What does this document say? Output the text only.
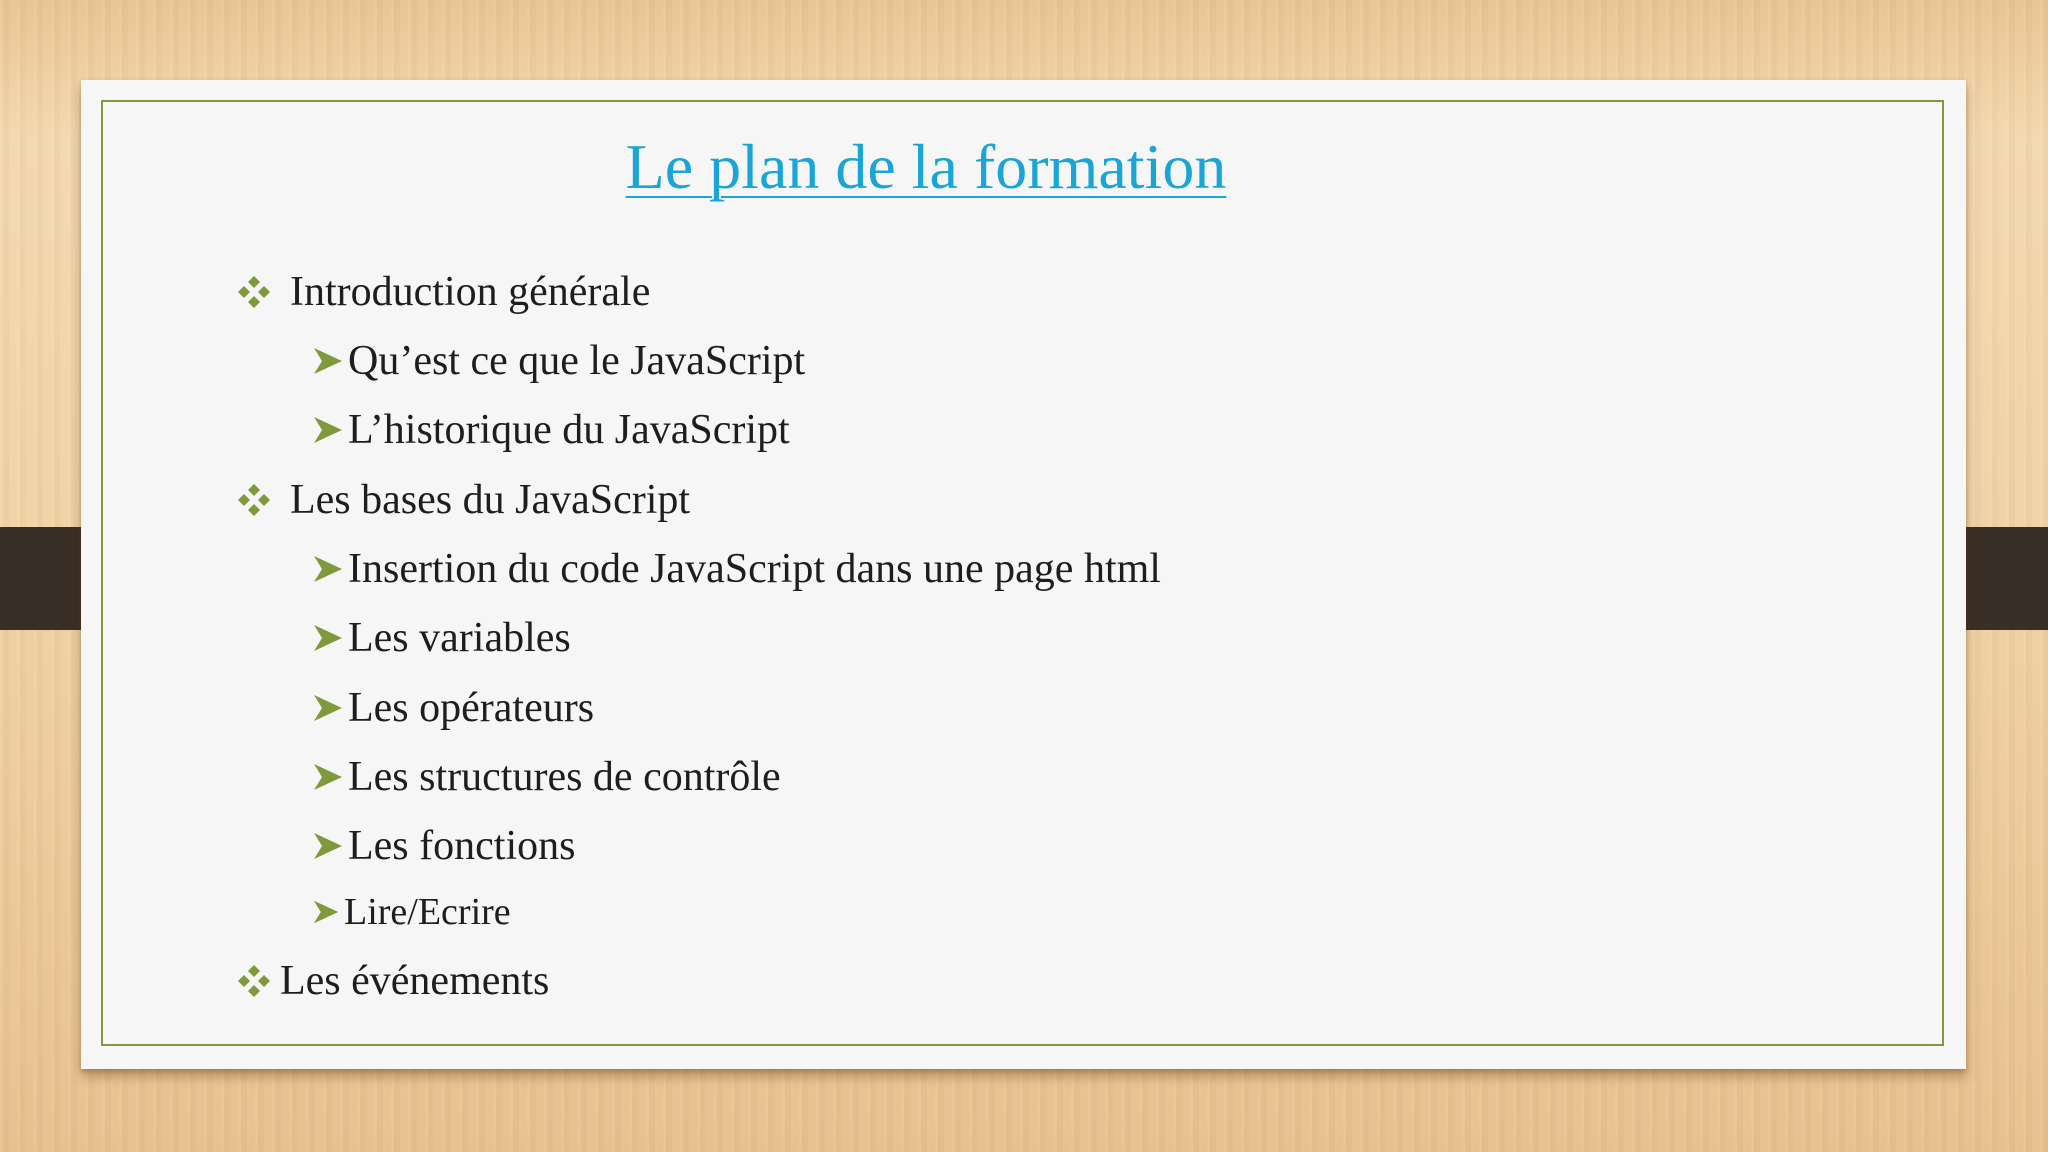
Le plan de la formation
Introduction générale
Qu’est ce que le JavaScript
L’historique du JavaScript
Les bases du JavaScript
Insertion du code JavaScript dans une page html
Les variables
Les opérateurs
Les structures de contrôle
Les fonctions
Lire/Ecrire
Les événements
